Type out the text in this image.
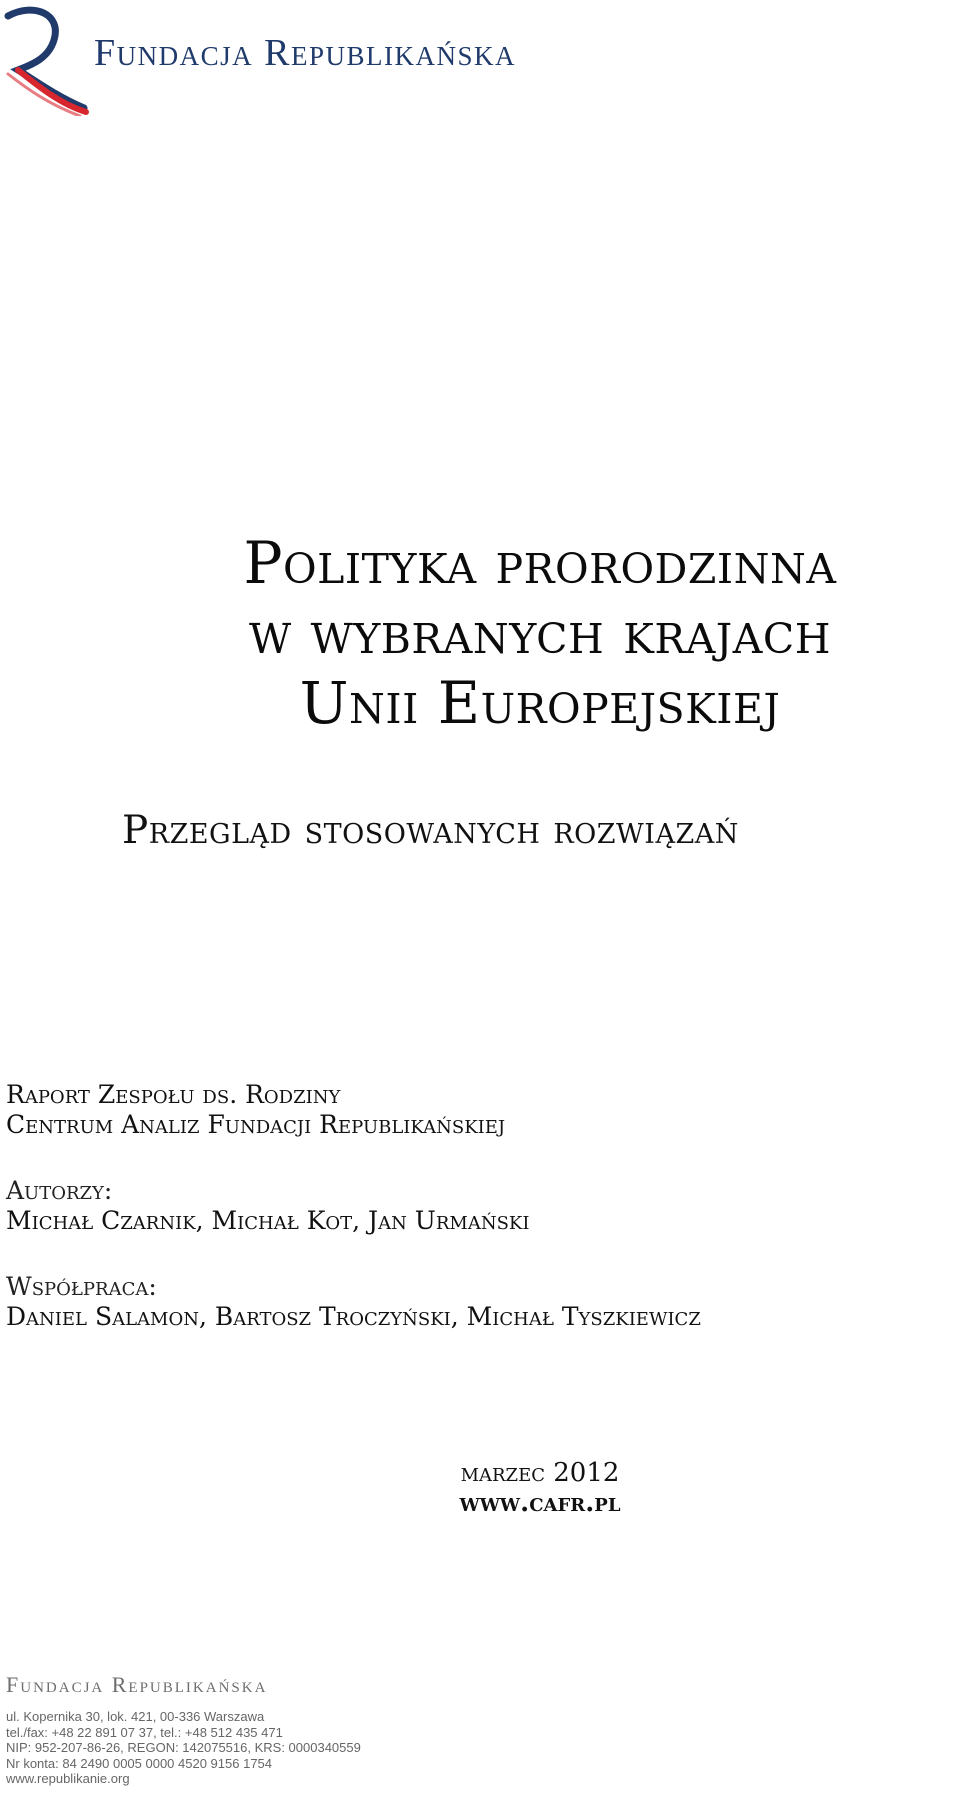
Fundacja Republikańska
Polityka prorodzinna
w wybranych krajach
Unii Europejskiej
Przegląd stosowanych rozwiązań
Raport Zespołu ds. Rodziny
Centrum Analiz Fundacji Republikańskiej
Autorzy:
Michał Czarnik, Michał Kot, Jan Urmański
Współpraca:
Daniel Salamon, Bartosz Troczyński, Michał Tyszkiewicz
marzec 2012
www.cafr.pl
Fundacja Republikańska
ul. Kopernika 30, lok. 421, 00-336 Warszawa
tel./fax: +48 22 891 07 37, tel.: +48 512 435 471
NIP: 952-207-86-26, REGON: 142075516, KRS: 0000340559
Nr konta: 84 2490 0005 0000 4520 9156 1754
www.republikanie.org
